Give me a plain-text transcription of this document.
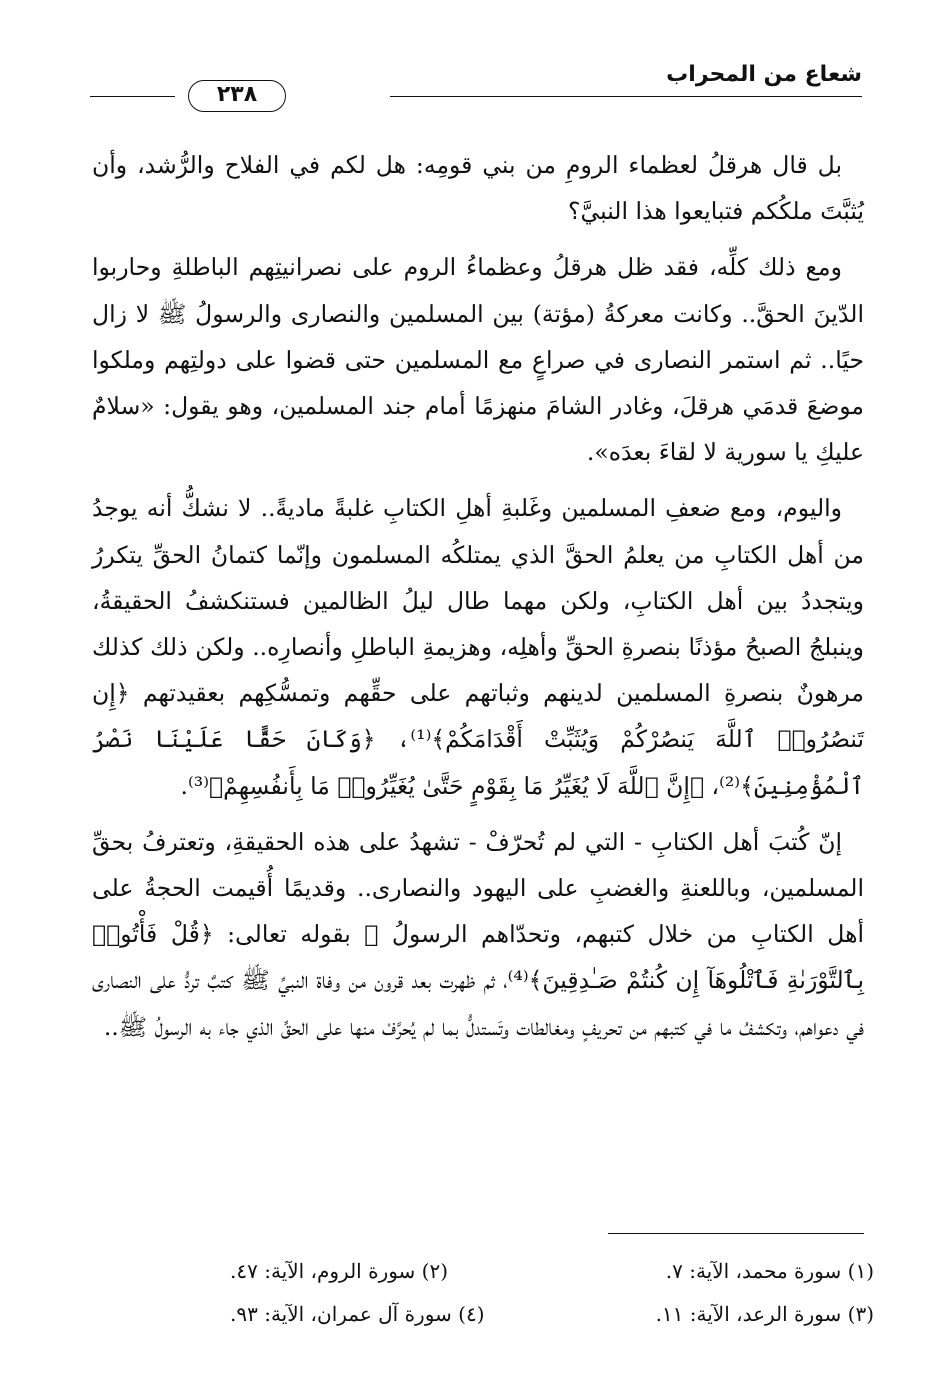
شعاع من المحراب
٢٣٨

بل قال هرقلُ لعظماء الرومِ من بني قومِه: هل لكم في الفلاح والرُّشد، وأن يُثبَّتَ ملكُكم فتبايعوا هذا النبيَّ؟

ومع ذلك كلِّه، فقد ظل هرقلُ وعظماءُ الروم على نصرانيتِهم الباطلةِ وحاربوا الدّينَ الحقَّ.. وكانت معركةُ (مؤتة) بين المسلمين والنصارى والرسولُ ﷺ لا زال حيًا.. ثم استمر النصارى في صراعٍ مع المسلمين حتى قضوا على دولتِهم وملكوا موضعَ قدمَي هرقلَ، وغادر الشامَ منهزمًا أمام جند المسلمين، وهو يقول: «سلامٌ عليكِ يا سورية لا لقاءَ بعدَه».

واليوم، ومع ضعفِ المسلمين وغَلبةِ أهلِ الكتابِ غلبةً ماديةً.. لا نشكُّ أنه يوجدُ من أهل الكتابِ من يعلمُ الحقَّ الذي يمتلكُه المسلمون وإنّما كتمانُ الحقِّ يتكررُ ويتجددُ بين أهل الكتابِ، ولكن مهما طال ليلُ الظالمين فستنكشفُ الحقيقةُ، وينبلجُ الصبحُ مؤذنًا بنصرةِ الحقِّ وأهلِه، وهزيمةِ الباطلِ وأنصارِه.. ولكن ذلك كذلك مرهونٌ بنصرةِ المسلمين لدينهم وثباتهم على حقِّهم وتمسُّكِهم بعقيدتهم ﴿إِن تَنصُرُوا۟ ٱللَّهَ يَنصُرْكُمْ وَيُثَبِّتْ أَقْدَامَكُمْ﴾⁽¹⁾، ﴿وَكَانَ حَقًّا عَلَيْنَا نَصْرُ ٱلْمُؤْمِنِينَ﴾⁽²⁾، ﴿إِنَّ ٱللَّهَ لَا يُغَيِّرُ مَا بِقَوْمٍ حَتَّىٰ يُغَيِّرُوا۟ مَا بِأَنفُسِهِمْ﴾⁽³⁾.

إنّ كُتبَ أهل الكتابِ - التي لم تُحرّفْ - تشهدُ على هذه الحقيقةِ، وتعترفُ بحقِّ المسلمين، وباللعنةِ والغضبِ على اليهود والنصارى.. وقديمًا أُقيمت الحجةُ على أهل الكتابِ من خلال كتبهم، وتحدّاهم الرسولُ ﷺ بقوله تعالى: ﴿قُلْ فَأْتُوا۟ بِٱلتَّوْرَىٰةِ فَٱتْلُوهَآ إِن كُنتُمْ صَـٰدِقِينَ﴾⁽⁴⁾، ثم ظهرت بعد قرون من وفاة النبيِّ ﷺ كتبٌ تردُّ على النصارى في دعواهم، وتكشفُ ما في كتبهم من تحريفٍ ومغالطات وتَستدلُّ بما لم يُحرَّفْ منها على الحقِّ الذي جاء به الرسولُ ﷺ..

(١) سورة محمد، الآية: ٧.
(٢) سورة الروم، الآية: ٤٧.
(٣) سورة الرعد، الآية: ١١.
(٤) سورة آل عمران، الآية: ٩٣.
